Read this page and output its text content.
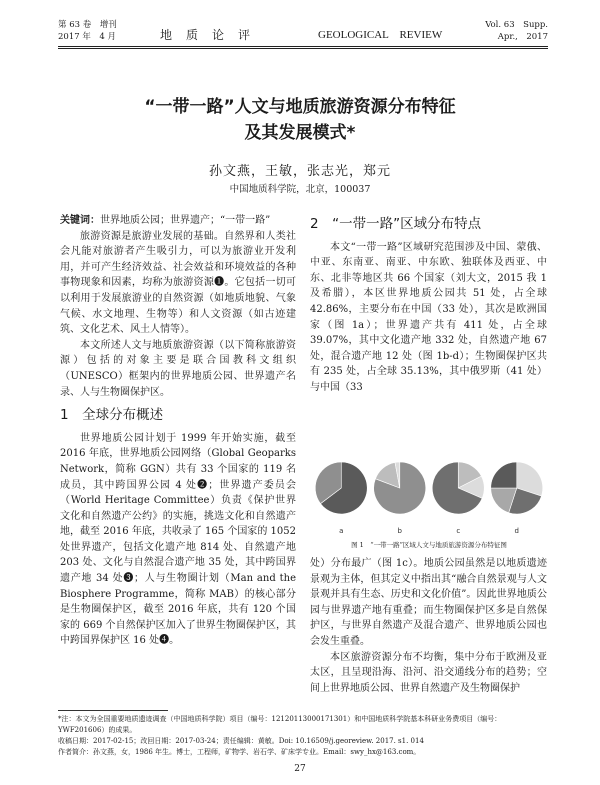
第 63 卷　增刊
2017 年　4 月	地　质　论　评	GEOLOGICAL　REVIEW
Vol. 63　Supp.
Apr.,　2017
“一带一路”人文与地质旅游资源分布特征
及其发展模式*
孙文燕，王敏，张志光，郑元
中国地质科学院，北京，100037

关键词：世界地质公园；世界遗产；“一带一路”

旅游资源是旅游业发展的基础。自然界和人类社会凡能对旅游者产生吸引力，可以为旅游业开发利用，并可产生经济效益、社会效益和环境效益的各种事物现象和因素，均称为旅游资源❶。它包括一切可以利用于发展旅游业的自然资源（如地质地貌、气象气候、水文地理、生物等）和人文资源（如古迹建筑、文化艺术、风土人情等）。

本文所述人文与地质旅游资源（以下简称旅游资源）包括的对象主要是联合国教科文组织（UNESCO）框架内的世界地质公园、世界遗产名录、人与生物圈保护区。

1　全球分布概述

世界地质公园计划于 1999 年开始实施，截至 2016 年底，世界地质公园网络（Global Geoparks Network，简称 GGN）共有 33 个国家的 119 名成员，其中跨国界公园 4 处❷；世界遗产委员会（World Heritage Committee）负责《保护世界文化和自然遗产公约》的实施，挑选文化和自然遗产地，截至 2016 年底，共收录了 165 个国家的 1052 处世界遗产，包括文化遗产地 814 处、自然遗产地 203 处、文化与自然混合遗产地 35 处，其中跨国界遗产地 34 处❸；人与生物圈计划（Man and the Biosphere Programme，简称 MAB）的核心部分是生物圈保护区，截至 2016 年底，共有 120 个国家的 669 个自然保护区加入了世界生物圈保护区，其中跨国界保护区 16 处❹。

2　“一带一路”区域分布特点

本文“一带一路”区域研究范围涉及中国、蒙俄、中亚、东南亚、南亚、中东欧、独联体及西亚、中东、北非等地区共 66 个国家（刘大文，2015 我 1 及希腊），本区世界地质公园共 51 处，占全球 42.86%，主要分布在中国（33 处），其次是欧洲国家（图 1a）；世界遗产共有 411 处，占全球 39.07%，其中文化遗产地 332 处，自然遗产地 67 处，混合遗产地 12 处（图 1b-d）；生物圈保护区共有 235 处，占全球 35.13%，其中俄罗斯（41 处）与中国（33

a	b	c	d
图 1　“一带一路”区域人文与地质旅游资源分布特征图

处）分布最广（图 1c）。地质公园虽然是以地质遗迹景观为主体，但其定义中指出其“融合自然景观与人文景观并具有生态、历史和文化价值”。因此世界地质公园与世界遗产地有重叠；而生物圈保护区多是自然保护区，与世界自然遗产及混合遗产、世界地质公园也会发生重叠。

本区旅游资源分布不均衡，集中分布于欧洲及亚太区，且呈现沿海、沿河、沿交通线分布的趋势；空间上世界地质公园、世界自然遗产及生物圈保护

*注：本文为全国重要地质遗迹调查（中国地质科学院）项目（编号：12120113000171301）和中国地质科学院基本科研业务费项目（编号：YWF201606）的成果。
收稿日期：2017-02-15；改回日期：2017-03-24；责任编辑：黄敏。Doi: 10.16509/j.georeview. 2017. s1. 014
作者简介：孙文燕，女，1986 年生。博士，工程师，矿物学、岩石学、矿床学专业。Email：swy_hx@163.com。
27
